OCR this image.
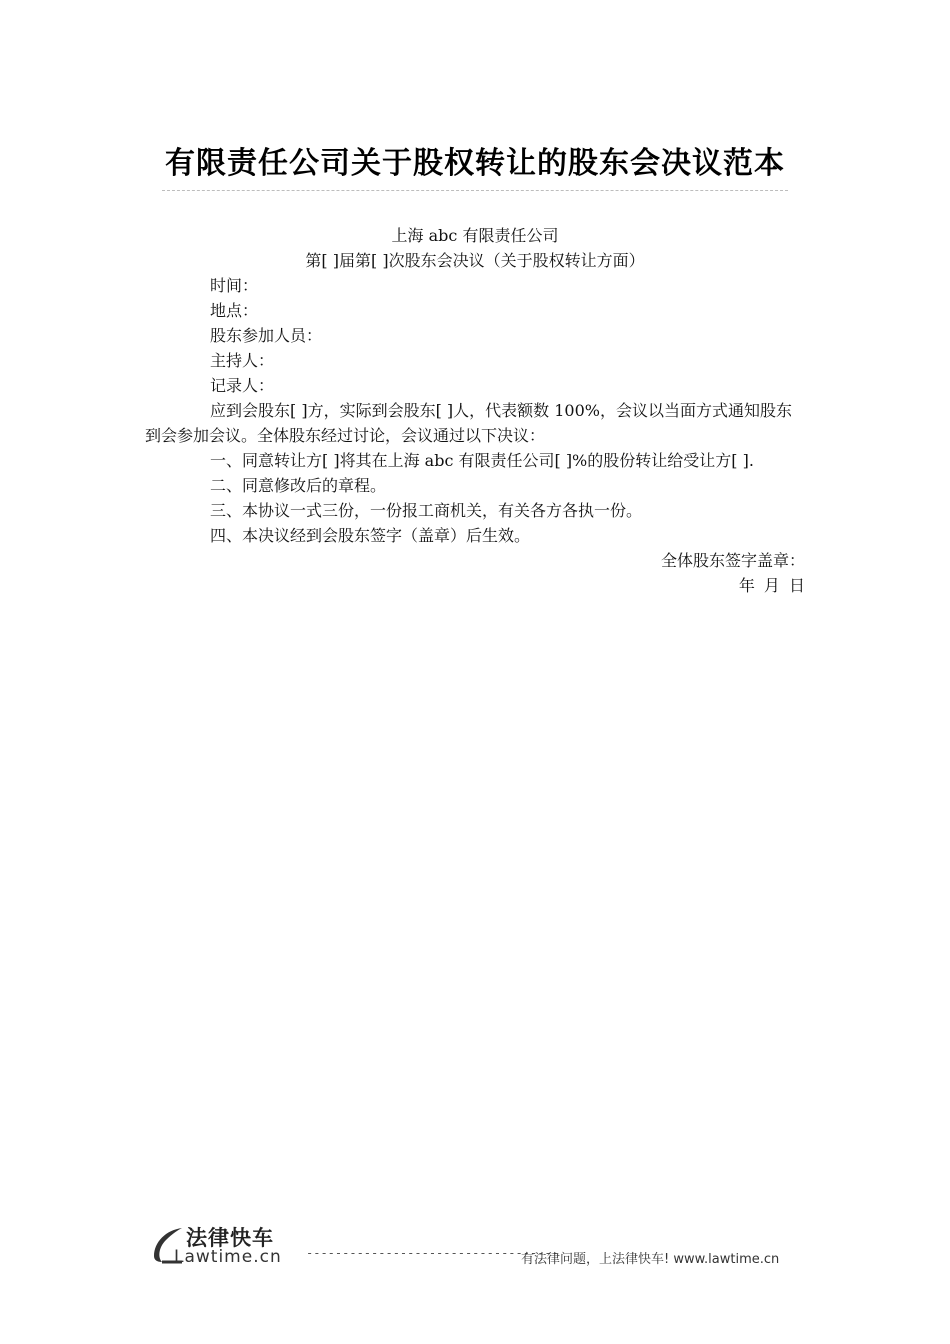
有限责任公司关于股权转让的股东会决议范本
上海 abc 有限责任公司
第[ ]届第[ ]次股东会决议（关于股权转让方面）
时间：
地点：
股东参加人员：
主持人：
记录人：
应到会股东[ ]方，实际到会股东[ ]人，代表额数 100%，会议以当面方式通知股东
到会参加会议。全体股东经过讨论，会议通过以下决议：
一、同意转让方[ ]将其在上海 abc 有限责任公司[ ]%的股份转让给受让方[ ].
二、同意修改后的章程。
三、本协议一式三份，一份报工商机关，有关各方各执一份。
四、本决议经到会股东签字（盖章）后生效。
全体股东签字盖章：
年 月 日
法律快车
Lawtime.cn -----------------------------------
有法律问题，上法律快车! www.lawtime.cn
